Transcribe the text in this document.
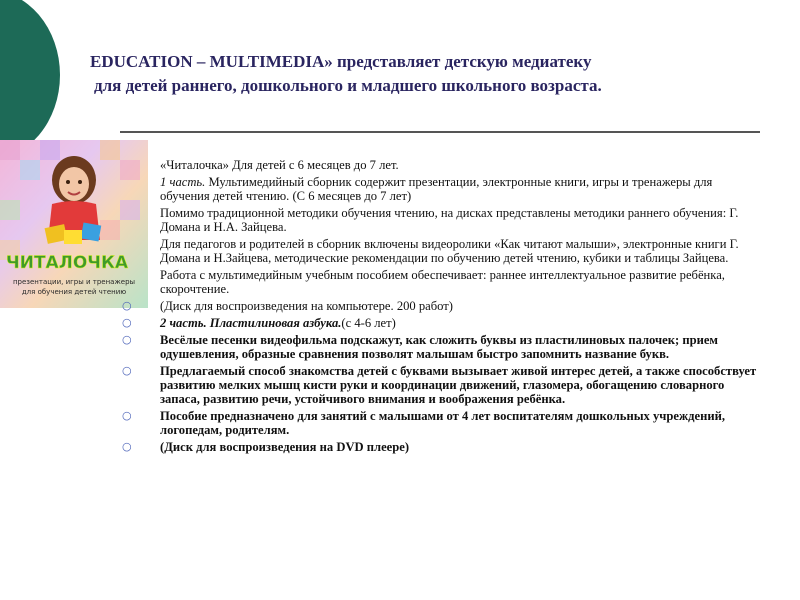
EDUCATION – MULTIMEDIA» представляет детскую медиатеку
для детей раннего, дошкольного и младшего школьного возраста.
ЧИТАЛОЧКА
презентации, игры и тренажеры
для обучения детей чтению
«Читалочка» Для детей с 6 месяцев до 7 лет.
1 часть. Мультимедийный сборник содержит презентации, электронные книги, игры и тренажеры для обучения детей чтению. (С 6 месяцев до 7 лет)
Помимо традиционной методики обучения чтению, на дисках представлены методики раннего обучения: Г. Домана и Н.А. Зайцева.
Для педагогов и родителей в сборник включены видеоролики «Как читают малыши», электронные книги Г. Домана и Н.Зайцева, методические рекомендации по обучению детей чтению, кубики и таблицы Зайцева.
Работа с мультимедийным учебным пособием обеспечивает: раннее интеллектуальное развитие ребёнка, скорочтение.
○ (Диск для воспроизведения на компьютере. 200 работ)
○ 2 часть. Пластилиновая азбука.(с 4-6 лет)
○ Весёлые песенки видеофильма подскажут, как сложить буквы из пластилиновых палочек; прием одушевления, образные сравнения позволят малышам быстро запомнить название букв.
○ Предлагаемый способ знакомства детей с буквами вызывает живой интерес детей, а также способствует развитию мелких мышц кисти руки и координации движений, глазомера, обогащению словарного запаса, развитию речи, устойчивого внимания и воображения ребёнка.
○ Пособие предназначено для занятий с малышами от 4 лет воспитателям дошкольных учреждений, логопедам, родителям.
○ (Диск для воспроизведения на DVD плеере)
